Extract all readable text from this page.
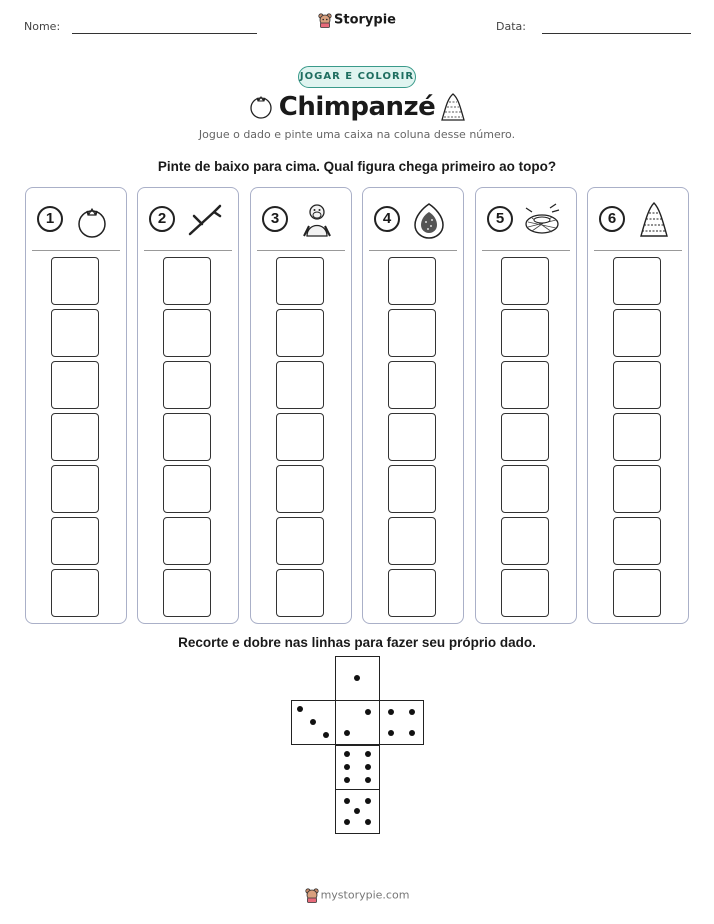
Nome:	Storypie	Data:
JOGAR E COLORIR
Chimpanzé
Jogue o dado e pinte uma caixa na coluna desse número.
Pinte de baixo para cima. Qual figura chega primeiro ao topo?
1	2	3	4	5	6
Recorte e dobre nas linhas para fazer seu próprio dado.
mystorypie.com
